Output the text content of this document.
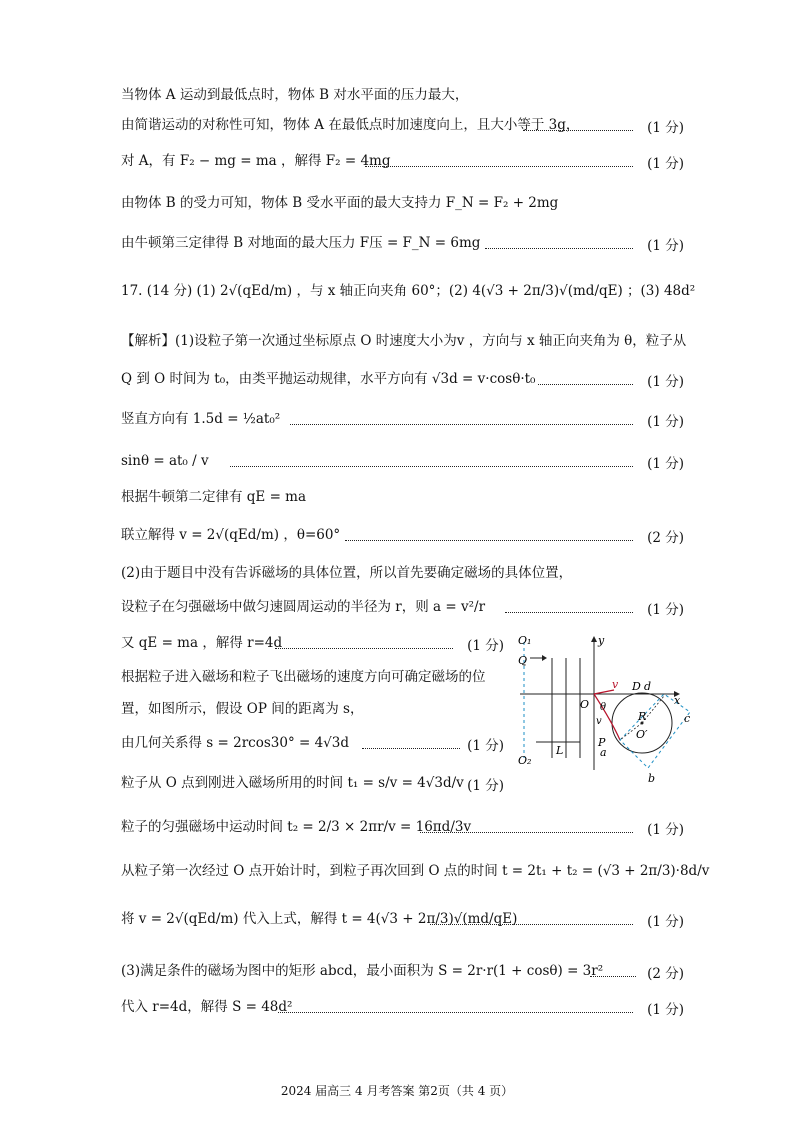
当物体 A 运动到最低点时，物体 B 对水平面的压力最大，
由简谐运动的对称性可知，物体 A 在最低点时加速度向上，且大小等于 3g，	(1 分)
对 A，有 F₂ − mg = ma ，解得 F₂ = 4mg	(1 分)
由物体 B 的受力可知，物体 B 受水平面的最大支持力 F_N = F₂ + 2mg
由牛顿第三定律得 B 对地面的最大压力 F压 = F_N = 6mg	(1 分)
17. (14 分) (1) 2√(qEd/m) ，与 x 轴正向夹角 60°；(2) 4(√3 + 2π/3)√(md/qE) ；(3) 48d²
【解析】(1)设粒子第一次通过坐标原点 O 时速度大小为v ，方向与 x 轴正向夹角为 θ，粒子从
Q 到 O 时间为 t₀，由类平抛运动规律，水平方向有 √3d = v·cosθ·t₀	(1 分)
竖直方向有 1.5d = ½at₀²	(1 分)
sinθ = at₀ / v	(1 分)
根据牛顿第二定律有 qE = ma
联立解得 v = 2√(qEd/m) ，θ=60°	(2 分)
(2)由于题目中没有告诉磁场的具体位置，所以首先要确定磁场的具体位置，
设粒子在匀强磁场中做匀速圆周运动的半径为 r，则 a = v²/r	(1 分)
又 qE = ma ，解得 r=4d	(1 分)
根据粒子进入磁场和粒子飞出磁场的速度方向可确定磁场的位
置，如图所示，假设 OP 间的距离为 s，
由几何关系得 s = 2rcos30° = 4√3d	(1 分)
粒子从 O 点到刚进入磁场所用的时间 t₁ = s/v = 4√3d/v (1 分)
粒子的匀强磁场中运动时间 t₂ = 2/3 × 2πr/v = 16πd/3v	(1 分)
从粒子第一次经过 O 点开始计时，到粒子再次回到 O 点的时间 t = 2t₁ + t₂ = (√3 + 2π/3)·8d/v
将 v = 2√(qEd/m) 代入上式，解得 t = 4(√3 + 2π/3)√(md/qE)	(1 分)
(3)满足条件的磁场为图中的矩形 abcd，最小面积为 S = 2r·r(1 + cosθ) = 3r²	(2 分)
代入 r=4d，解得 S = 48d²	(1 分)
O₁
Q
y
O
v
θ
D d
x
v	R	c
O₂
L
P
O′
a
b
2024 届高三 4 月考答案 第2页（共 4 页）
